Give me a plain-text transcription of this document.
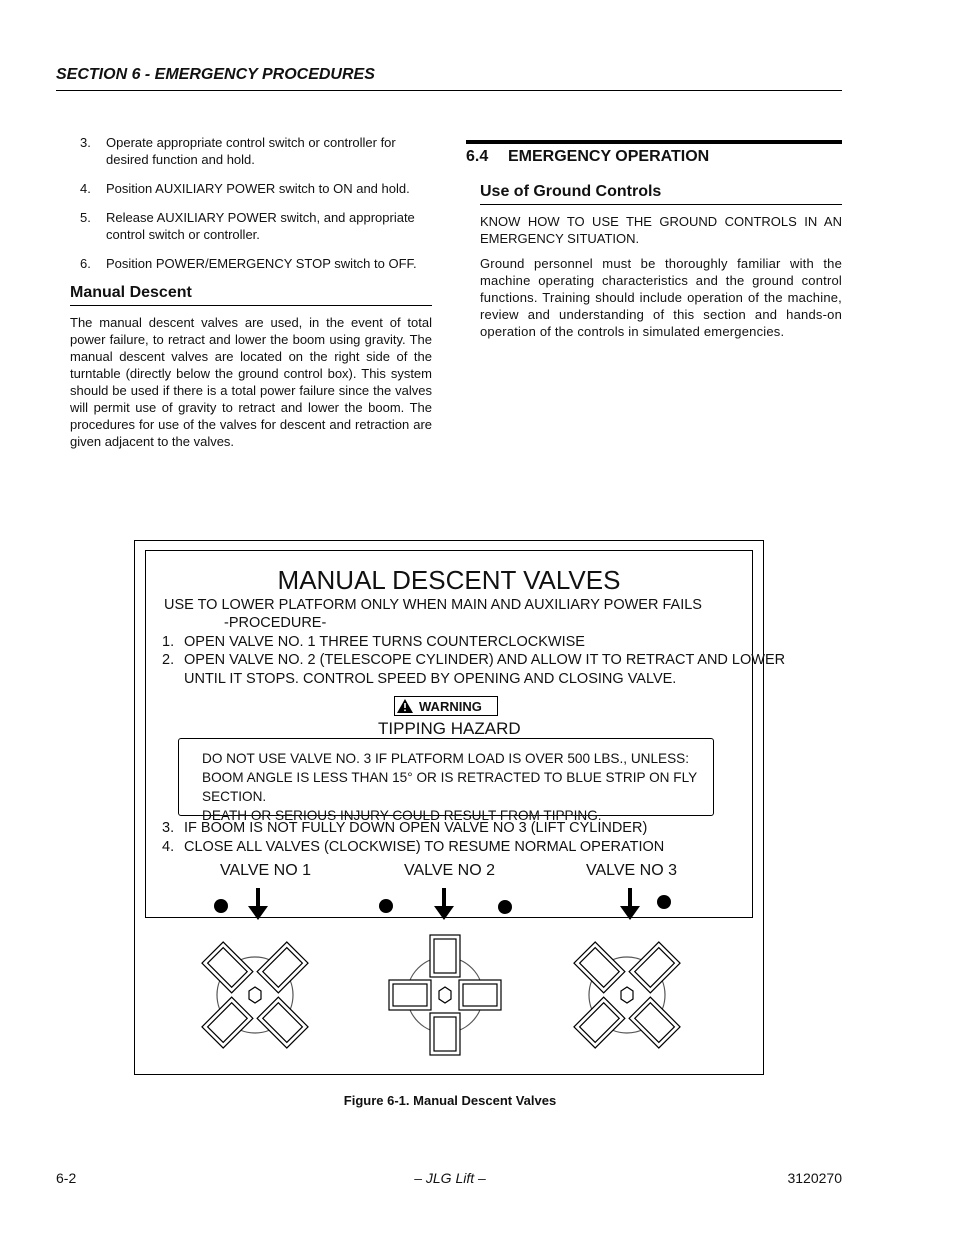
SECTION 6 - EMERGENCY PROCEDURES
3. Operate appropriate control switch or controller for desired function and hold.
4. Position AUXILIARY POWER switch to ON and hold.
5. Release AUXILIARY POWER switch, and appropriate control switch or controller.
6. Position POWER/EMERGENCY STOP switch to OFF.
Manual Descent

The manual descent valves are used, in the event of total power failure, to retract and lower the boom using gravity. The manual descent valves are located on the right side of the turntable (directly below the ground control box). This system should be used if there is a total power failure since the valves will permit use of gravity to retract and lower the boom. The procedures for use of the valves for descent and retraction are given adjacent to the valves.

6.4 EMERGENCY OPERATION
Use of Ground Controls

KNOW HOW TO USE THE GROUND CONTROLS IN AN EMERGENCY SITUATION.

Ground personnel must be thoroughly familiar with the machine operating characteristics and the ground control functions. Training should include operation of the machine, review and understanding of this section and hands-on operation of the controls in simulated emergencies.

MANUAL DESCENT VALVES
USE TO LOWER PLATFORM ONLY WHEN MAIN AND AUXILIARY POWER FAILS
-PROCEDURE-
1. OPEN VALVE NO. 1 THREE TURNS COUNTERCLOCKWISE
2. OPEN VALVE NO. 2 (TELESCOPE CYLINDER) AND ALLOW IT TO RETRACT AND LOWER
UNTIL IT STOPS. CONTROL SPEED BY OPENING AND CLOSING VALVE.
WARNING
TIPPING HAZARD
DO NOT USE VALVE NO. 3 IF PLATFORM LOAD IS OVER 500 LBS., UNLESS:
BOOM ANGLE IS LESS THAN 15° OR IS RETRACTED TO BLUE STRIP ON FLY SECTION.
DEATH OR SERIOUS INJURY COULD RESULT FROM TIPPING.
3. IF BOOM IS NOT FULLY DOWN OPEN VALVE NO 3 (LIFT CYLINDER)
4. CLOSE ALL VALVES (CLOCKWISE) TO RESUME NORMAL OPERATION
VALVE NO 1	VALVE NO 2	VALVE NO 3
Figure 6-1. Manual Descent Valves
6-2	– JLG Lift –	3120270
